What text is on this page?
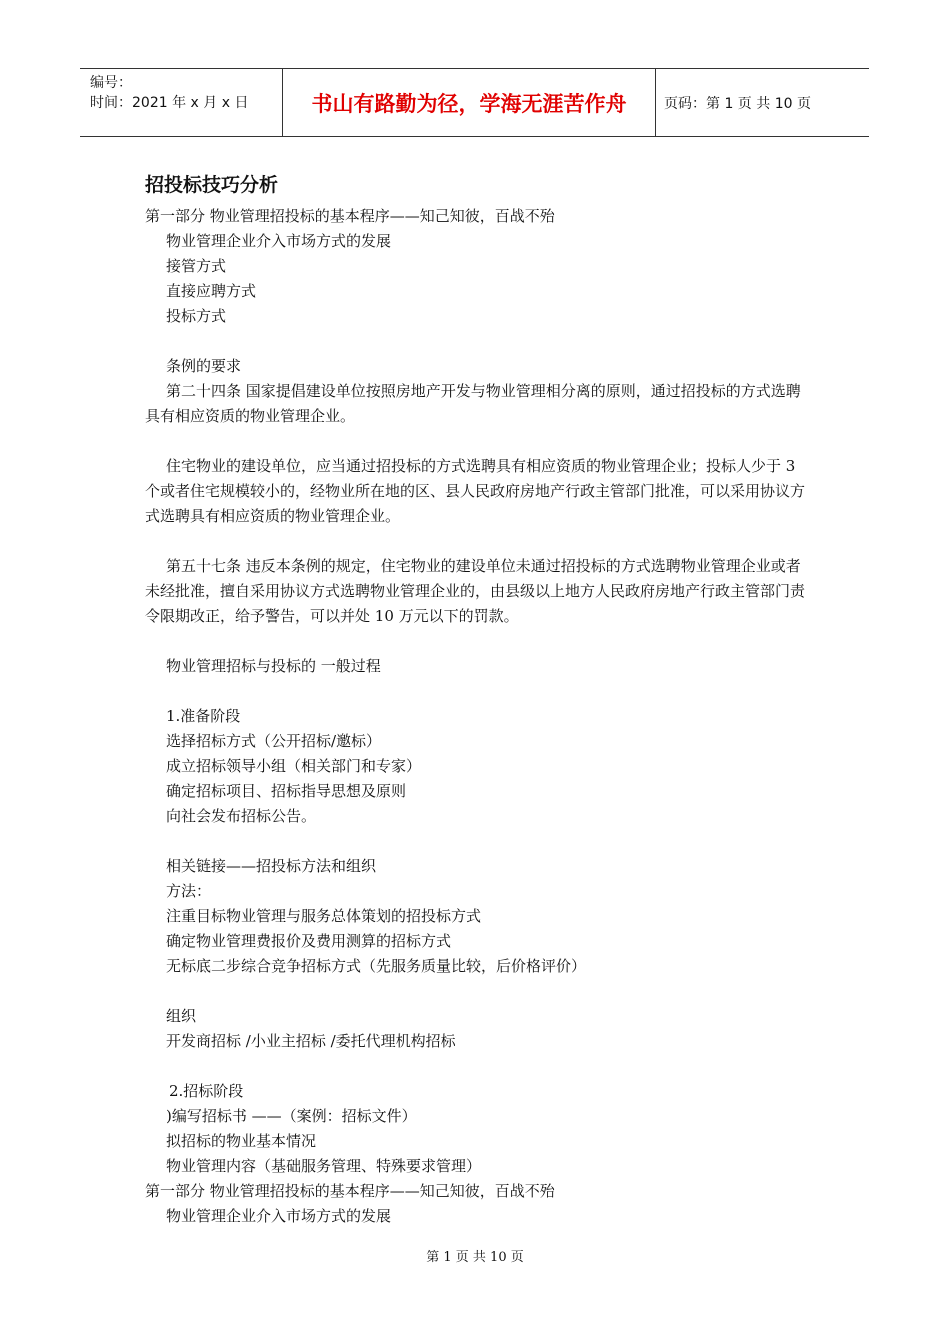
编号：
时间：2021 年 x 月 x 日	书山有路勤为径，学海无涯苦作舟	页码：第 1 页 共 10 页
招投标技巧分析
第一部分 物业管理招投标的基本程序——知己知彼，百战不殆
物业管理企业介入市场方式的发展
接管方式
直接应聘方式
投标方式
条例的要求
第二十四条 国家提倡建设单位按照房地产开发与物业管理相分离的原则，通过招投标的方式选聘具有相应资质的物业管理企业。
住宅物业的建设单位，应当通过招投标的方式选聘具有相应资质的物业管理企业；投标人少于 3 个或者住宅规模较小的，经物业所在地的区、县人民政府房地产行政主管部门批准，可以采用协议方式选聘具有相应资质的物业管理企业。
第五十七条 违反本条例的规定，住宅物业的建设单位未通过招投标的方式选聘物业管理企业或者未经批准，擅自采用协议方式选聘物业管理企业的，由县级以上地方人民政府房地产行政主管部门责令限期改正，给予警告，可以并处 10 万元以下的罚款。
物业管理招标与投标的 一般过程
1.准备阶段
选择招标方式（公开招标/邀标）
成立招标领导小组（相关部门和专家）
确定招标项目、招标指导思想及原则
向社会发布招标公告。
相关链接——招投标方法和组织
方法：
注重目标物业管理与服务总体策划的招投标方式
确定物业管理费报价及费用测算的招标方式
无标底二步综合竞争招标方式（先服务质量比较，后价格评价）
组织
开发商招标 /小业主招标 /委托代理机构招标
2.招标阶段
)编写招标书 ——（案例：招标文件）
拟招标的物业基本情况
物业管理内容（基础服务管理、特殊要求管理）
第一部分 物业管理招投标的基本程序——知己知彼，百战不殆
物业管理企业介入市场方式的发展
第 1 页 共 10 页
